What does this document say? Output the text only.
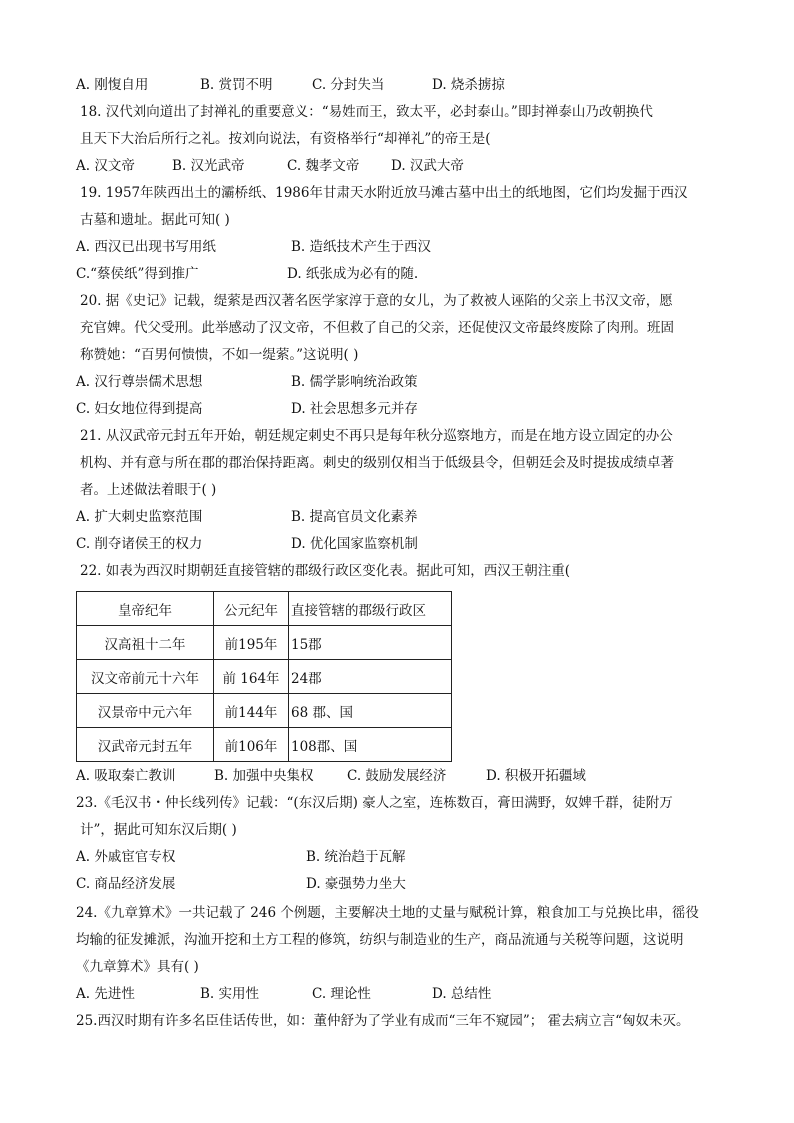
A. 刚愎自用	B. 赏罚不明	C. 分封失当	D. 烧杀掳掠
18. 汉代刘向道出了封禅礼的重要意义：“易姓而王，致太平，必封泰山。”即封禅泰山乃改朝换代
且天下大治后所行之礼。按刘向说法，有资格举行“却禅礼”的帝王是(
A. 汉文帝	B. 汉光武帝	C. 魏孝文帝 D. 汉武大帝
19. 1957年陕西出土的灞桥纸、1986年甘肃天水附近放马滩古墓中出土的纸地图，它们均发掘于西汉
古墓和遗址。据此可知( )
A. 西汉已出现书写用纸	B. 造纸技术产生于西汉
C.“蔡侯纸”得到推广	D. 纸张成为必有的随.
20. 据《史记》记载，缇萦是西汉著名医学家淳于意的女儿，为了救被人诬陷的父亲上书汉文帝，愿
充官婢。代父受刑。此举感动了汉文帝，不但救了自己的父亲，还促使汉文帝最终废除了肉刑。班固
称赞她：“百男何愦愦，不如一缇萦。”这说明( )
A. 汉行尊崇儒术思想	B. 儒学影响统治政策
C. 妇女地位得到提高	D. 社会思想多元并存
21. 从汉武帝元封五年开始，朝廷规定刺史不再只是每年秋分巡察地方，而是在地方设立固定的办公
机构、并有意与所在郡的郡治保持距离。刺史的级别仅相当于低级县令，但朝廷会及时提拔成绩卓著
者。上述做法着眼于( )
A. 扩大刺史监察范围	B. 提高官员文化素养
C. 削夺诸侯王的权力	D. 优化国家监察机制
22. 如表为西汉时期朝廷直接管辖的郡级行政区变化表。据此可知，西汉王朝注重(
皇帝纪年	公元纪年	直接管辖的郡级行政区
汉高祖十二年	前195年	15郡
汉文帝前元十六年	前 164年	24郡
汉景帝中元六年	前144年	68 郡、国
汉武帝元封五年	前106年	108郡、国
A. 吸取秦亡教训	B. 加强中央集权 C. 鼓励发展经济	D. 积极开拓疆域
23.《毛汉书・仲长线列传》记载：“(东汉后期) 豪人之室，连栋数百，膏田满野，奴婢千群，徒附万
计”，据此可知东汉后期( )
A. 外戚宦官专权	B. 统治趋于瓦解
C. 商品经济发展	D. 豪强势力坐大
24.《九章算术》一共记载了 246 个例题，主要解决土地的丈量与赋税计算，粮食加工与兑换比串，徭役
均输的征发摊派，沟洫开挖和土方工程的修筑，纺织与制造业的生产，商品流通与关税等问题，这说明
《九章算术》具有( )
A. 先进性	B. 实用性	C. 理论性	D. 总结性
25.西汉时期有许多名臣佳话传世，如：董仲舒为了学业有成而“三年不窥园”； 霍去病立言“匈奴未灭。
